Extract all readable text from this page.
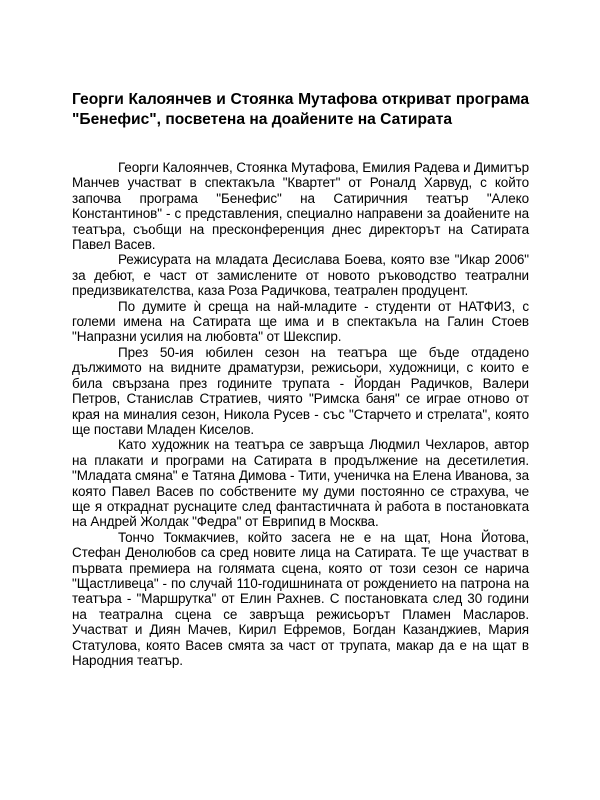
Георги Калоянчев и Стоянка Мутафова откриват програма "Бенефис", посветена на доайените на Сатирата

Георги Калоянчев, Стоянка Мутафова, Емилия Радева и Димитър Манчев участват в спектакъла "Квартет" от Роналд Харвуд, с който започва програма "Бенефис" на Сатиричния театър "Алеко Константинов" - с представления, специално направени за доайените на театъра, съобщи на пресконференция днес директорът на Сатирата Павел Васев.

Режисурата на младата Десислава Боева, която взе "Икар 2006" за дебют, е част от замислените от новото ръководство театрални предизвикателства, каза Роза Радичкова, театрален продуцент.

По думите ѝ среща на най-младите - студенти от НАТФИЗ, с големи имена на Сатирата ще има и в спектакъла на Галин Стоев "Напразни усилия на любовта" от Шекспир.

През 50-ия юбилен сезон на театъра ще бъде отдадено дължимото на видните драматурзи, режисьори, художници, с които е била свързана през годините трупата - Йордан Радичков, Валери Петров, Станислав Стратиев, чиято "Римска баня" се играе отново от края на миналия сезон, Никола Русев - със "Старчето и стрелата", която ще постави Младен Киселов.

Като художник на театъра се завръща Людмил Чехларов, автор на плакати и програми на Сатирата в продължение на десетилетия. "Младата смяна" е Татяна Димова - Тити, ученичка на Елена Иванова, за която Павел Васев по собствените му думи постоянно се страхува, че ще я откраднат руснаците след фантастичната ѝ работа в постановката на Андрей Жолдак "Федра" от Еврипид в Москва.

Тончо Токмакчиев, който засега не е на щат, Нона Йотова, Стефан Денолюбов са сред новите лица на Сатирата. Те ще участват в първата премиера на голямата сцена, която от този сезон се нарича "Щастливеца" - по случай 110-годишнината от рождението на патрона на театъра - "Маршрутка" от Елин Рахнев. С постановката след 30 години на театрална сцена се завръща режисьорът Пламен Масларов. Участват и Диян Мачев, Кирил Ефремов, Богдан Казанджиев, Мария Статулова, която Васев смята за част от трупата, макар да е на щат в Народния театър.
